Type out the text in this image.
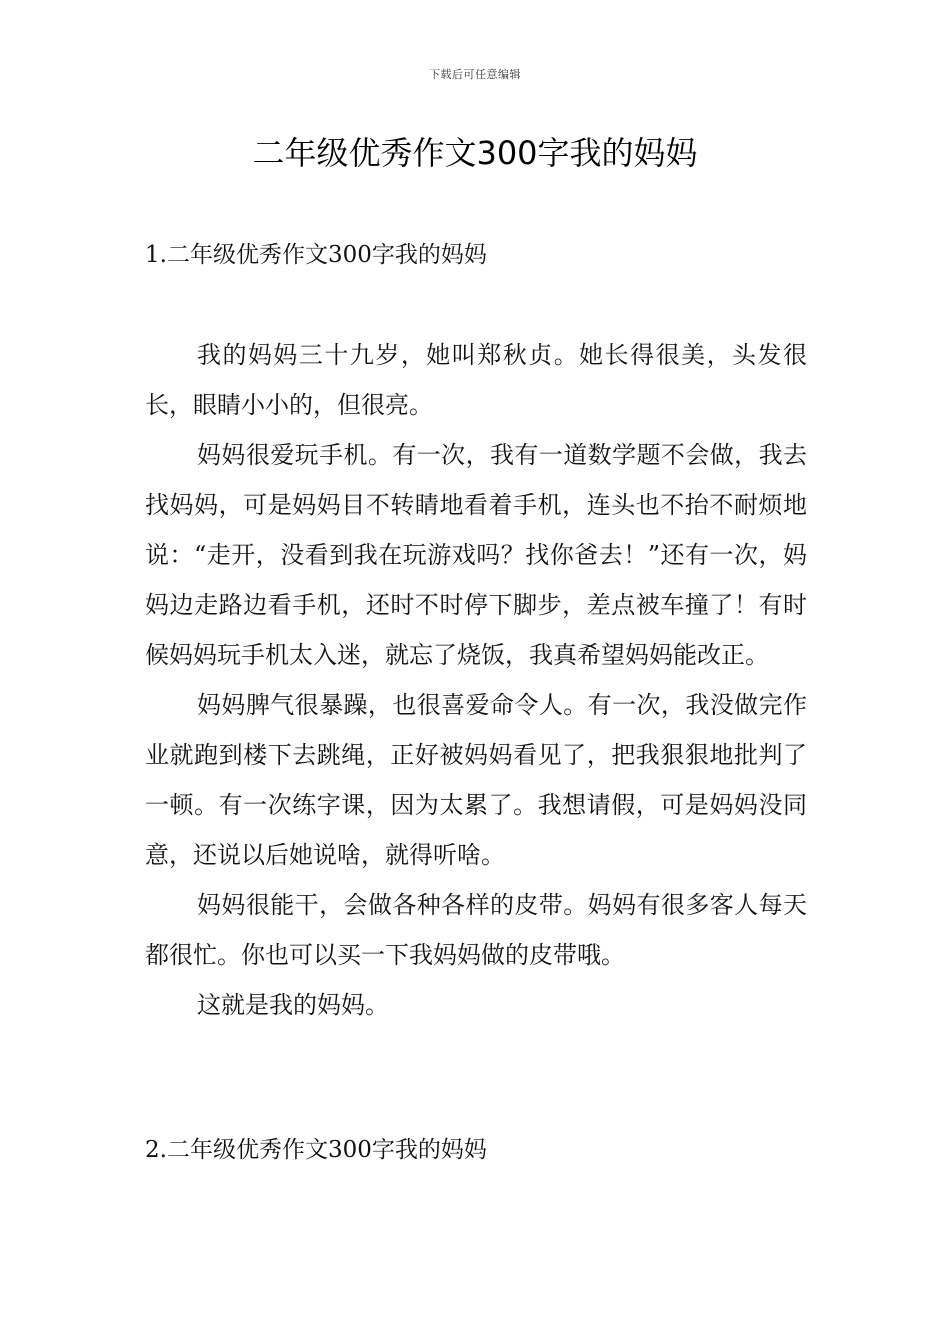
下载后可任意编辑
二年级优秀作文300字我的妈妈
1.二年级优秀作文300字我的妈妈

我的妈妈三十九岁，她叫郑秋贞。她长得很美，头发很长，眼睛小小的，但很亮。

妈妈很爱玩手机。有一次，我有一道数学题不会做，我去找妈妈，可是妈妈目不转睛地看着手机，连头也不抬不耐烦地说：“走开，没看到我在玩游戏吗？找你爸去！”还有一次，妈妈边走路边看手机，还时不时停下脚步，差点被车撞了！有时候妈妈玩手机太入迷，就忘了烧饭，我真希望妈妈能改正。

妈妈脾气很暴躁，也很喜爱命令人。有一次，我没做完作业就跑到楼下去跳绳，正好被妈妈看见了，把我狠狠地批判了一顿。有一次练字课，因为太累了。我想请假，可是妈妈没同意，还说以后她说啥，就得听啥。

妈妈很能干，会做各种各样的皮带。妈妈有很多客人每天都很忙。你也可以买一下我妈妈做的皮带哦。

这就是我的妈妈。

2.二年级优秀作文300字我的妈妈
